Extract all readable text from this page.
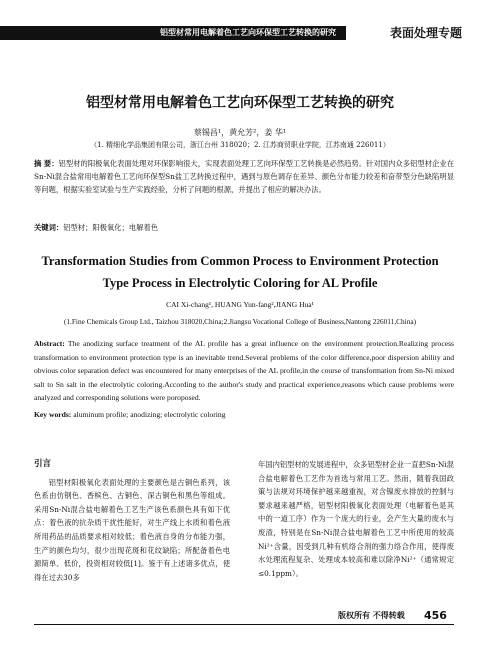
铝型材常用电解着色工艺向环保型工艺转换的研究	表面处理专题
铝型材常用电解着色工艺向环保型工艺转换的研究
蔡锡昌¹，黄允芳²，姜 华¹
（1. 精细化学品集团有限公司，浙江台州 318020；2. 江苏商贸职业学院，江苏南通 226011）
摘 要：铝型材的阳极氧化表面处理对环保影响很大，实现表面处理工艺向环保型工艺转换是必然趋势。针对国内众多铝型材企业在Sn-Ni混合盐常用电解着色工艺向环保型Sn盐工艺转换过程中，遇到与原色调存在差异、颜色分布能力较差和奋带型分色缺陷明显等问题，根据实验室试验与生产实践经验，分析了问题的根源，并提出了相应的解决办法。
关键词：铝型材；阳极氧化；电解着色
Transformation Studies from Common Process to Environment Protection
Type Process in Electrolytic Coloring for AL Profile
CAI Xi-chang¹, HUANG Yun-fang²,JIANG Hua¹
(1.Fine Chemicals Group Ltd., Taizhou 318020,China;2.Jiangsu Vocational College of Business,Nantong 226011,China)
Abstract: The anodizing surface treatment of the AL profile has a great influence on the environment protection.Realizing process transformation to environment protection type is an inevitable trend.Several problems of the color difference,poor dispersion ability and obvious color separation defect was encountered for many enterprises of the AL profile,in the course of transformation from Sn-Ni mixed salt to Sn salt in the electrolytic coloring.According to the author's study and practical experience,reasons which cause problems were analyzed and corresponding solutions were poroposed.
Key words: aluminum profile; anodizing; electrolytic coloring
引言

铝型材阳极氧化表面处理的主要颜色是古铜色系列，该色系由仿钢色、香槟色、古铜色、深古铜色和黑色等组成。采用Sn-Ni混合盐电解着色工艺生产该色系颜色具有如下优点：着色液的抗杂质干扰性能好，对生产线上水质和着色液所用药品的品质要求相对较低；着色液自身的分布能力强，生产的颜色均匀，很少出现花斑和花纹缺陷；所配备着色电源简单、低价，投资相对较低[1]。鉴于有上述诸多优点，使得在过去30多

年国内铝型材的发展进程中，众多铝型材企业一直把Sn-Ni混合盐电解着色工艺作为首选与常用工艺。然而，随着我国政策与法规对环境保护越来越重视，对含镍废水排放的控制与要求越来越严格，铝型材阳极氧化表面处理（电解着色是其中的一道工序）作为一个庞大的行业，会产生大量的废水与废渣，特别是在Sn-Ni混合盐电解着色工艺中所使用的较高Ni²⁺含量，因受到几种有机络合剂的强力络合作用，使得废水处理流程复杂、处理成本较高和难以除净Ni²⁺（通常规定≤0.1ppm）。

版权所有 不得转载 456
